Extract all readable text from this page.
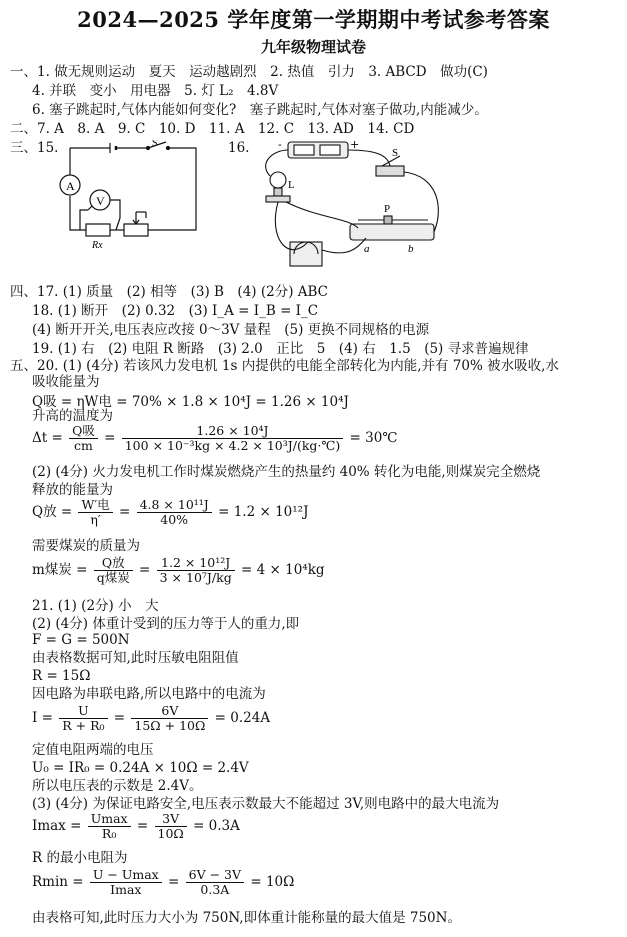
2024—2025 学年度第一学期期中考试参考答案
九年级物理试卷
一、1. 做无规则运动　夏天　运动越剧烈　2. 热值　引力　3. ABCD　做功(C)
4. 并联　变小　用电器　5. 灯 L₂　4.8V
6. 塞子跳起时,气体内能如何变化?　塞子跳起时,气体对塞子做功,内能减少。
二、7. A　8. A　9. C　10. D　11. A　12. C　13. AD　14. CD
三、15.	16.
A
V
S
Rx
-	+
S
L
P
a	b
四、17. (1) 质量　(2) 相等　(3) B　(4) (2分) ABC
18. (1) 断开　(2) 0.32　(3) I_A = I_B = I_C
(4) 断开开关,电压表应改接 0～3V 量程　(5) 更换不同规格的电源
19. (1) 右　(2) 电阻 R 断路　(3) 2.0　正比　5　(4) 右　1.5　(5) 寻求普遍规律
五、20. (1) (4分) 若该风力发电机 1s 内提供的电能全部转化为内能,并有 70% 被水吸收,水
吸收能量为
Q吸 = ηW电 = 70% × 1.8 × 10⁴J = 1.26 × 10⁴J
升高的温度为
$\Delta t = \frac{\text{Q吸}}{cm} = \frac{\text{1.26 × 10⁴J}}{\text{100 × 10⁻³kg × 4.2 × 10³J/(kg·℃)}}$ = 30℃
(2) (4分) 火力发电机工作时煤炭燃烧产生的热量约 40% 转化为电能,则煤炭完全燃烧
释放的能量为
Q放 = $\frac{\text{W′电}}{\eta'} = \frac{\text{4.8 × 10¹¹J}}{40\%} = 1.2 \times 10^{12}J$
需要煤炭的质量为
m煤炭 = $\frac{\text{Q放}}{\text{q煤炭}} = \frac{\text{1.2 × 10¹²J}}{\text{3 × 10⁷J/kg}} = 4 \times 10^4kg$
21. (1) (2分) 小　大
(2) (4分) 体重计受到的压力等于人的重力,即
F = G = 500N
由表格数据可知,此时压敏电阻阻值
R = 15Ω
因电路为串联电路,所以电路中的电流为
$I = \frac{U}{\text{R + R₀}} = \frac{6V}{15\Omega + 10\Omega} = 0.24A$
定值电阻两端的电压
U₀ = IR₀ = 0.24A × 10Ω = 2.4V
所以电压表的示数是 2.4V。
(3) (4分) 为保证电路安全,电压表示数最大不能超过 3V,则电路中的最大电流为
$Imax = \frac{Umax}{\text{R₀}} = \frac{3V}{10\Omega} = 0.3A$
R 的最小电阻为
$Rmin = \frac{U - Umax}{Imax} = \frac{6V - 3V}{0.3A} = 10\Omega$
由表格可知,此时压力大小为 750N,即体重计能称量的最大值是 750N。
